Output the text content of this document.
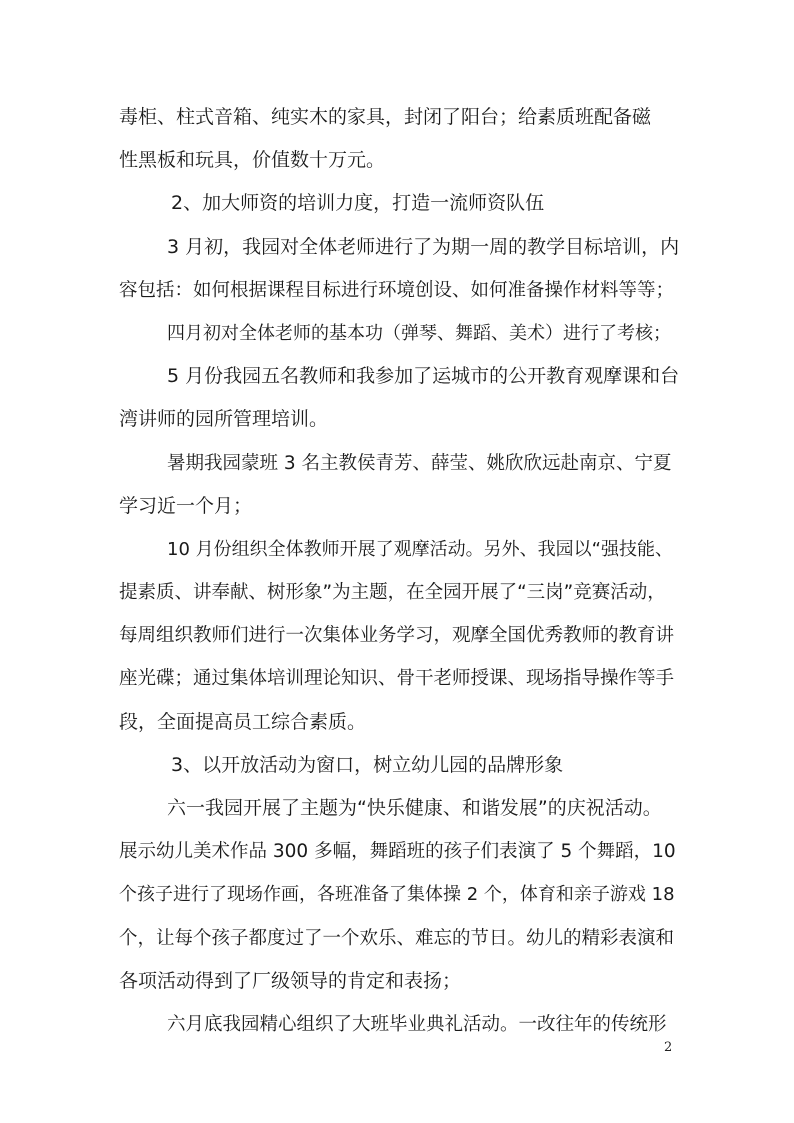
毒柜、柱式音箱、纯实木的家具，封闭了阳台；给素质班配备磁
性黑板和玩具，价值数十万元。
2、加大师资的培训力度，打造一流师资队伍
3 月初，我园对全体老师进行了为期一周的教学目标培训，内
容包括：如何根据课程目标进行环境创设、如何准备操作材料等等；
四月初对全体老师的基本功（弹琴、舞蹈、美术）进行了考核；
5 月份我园五名教师和我参加了运城市的公开教育观摩课和台
湾讲师的园所管理培训。
暑期我园蒙班 3 名主教侯青芳、薛莹、姚欣欣远赴南京、宁夏
学习近一个月；
10 月份组织全体教师开展了观摩活动。另外、我园以“强技能、
提素质、讲奉献、树形象”为主题，在全园开展了“三岗”竞赛活动，
每周组织教师们进行一次集体业务学习，观摩全国优秀教师的教育讲
座光碟；通过集体培训理论知识、骨干老师授课、现场指导操作等手
段，全面提高员工综合素质。
3、以开放活动为窗口，树立幼儿园的品牌形象
六一我园开展了主题为“快乐健康、和谐发展”的庆祝活动。
展示幼儿美术作品 300 多幅，舞蹈班的孩子们表演了 5 个舞蹈，10
个孩子进行了现场作画，各班准备了集体操 2 个，体育和亲子游戏 18
个，让每个孩子都度过了一个欢乐、难忘的节日。幼儿的精彩表演和
各项活动得到了厂级领导的肯定和表扬；
六月底我园精心组织了大班毕业典礼活动。一改往年的传统形
2
